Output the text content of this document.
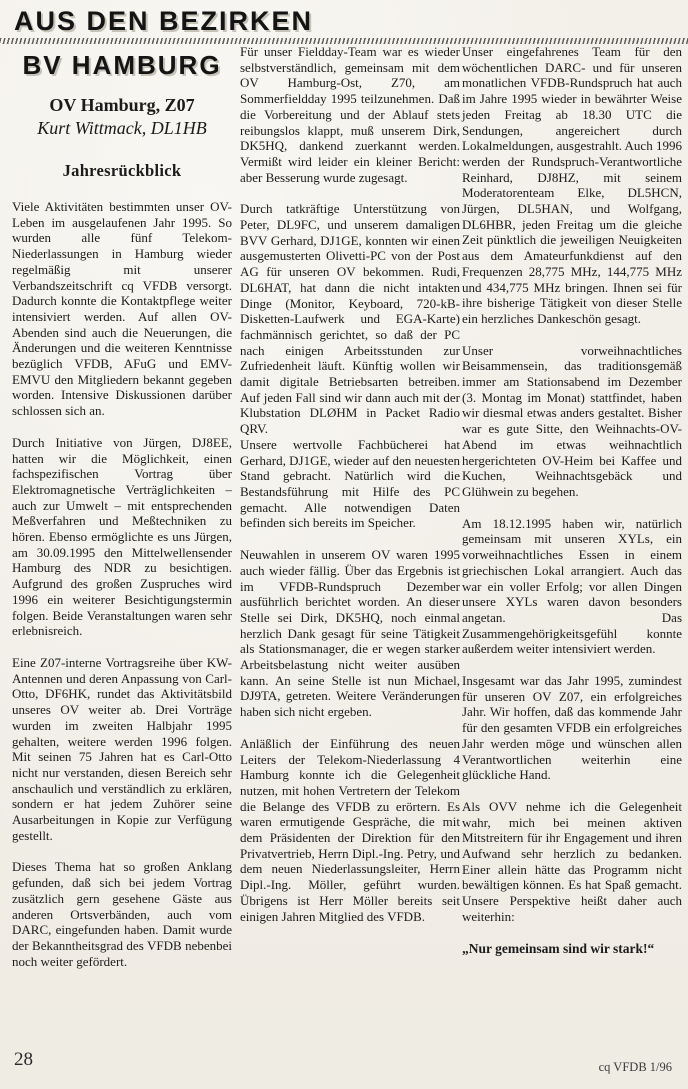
AUS DEN BEZIRKEN
BV HAMBURG
OV Hamburg, Z07

Kurt Wittmack, DL1HB

Jahresrückblick

Viele Aktivitäten bestimmten unser OV-Leben im ausgelaufenen Jahr 1995. So wurden alle fünf Telekom-Niederlassungen in Hamburg wieder regelmäßig mit unserer Verbandszeitschrift cq VFDB versorgt. Dadurch konnte die Kontaktpflege weiter intensiviert werden. Auf allen OV-Abenden sind auch die Neuerungen, die Änderungen und die weiteren Kenntnisse bezüglich VFDB, AFuG und EMV-EMVU den Mitgliedern bekannt gegeben worden. Intensive Diskussionen darüber schlossen sich an.

Durch Initiative von Jürgen, DJ8EE, hatten wir die Möglichkeit, einen fachspezifischen Vortrag über Elektromagnetische Verträglichkeiten – auch zur Umwelt – mit entsprechenden Meßverfahren und Meßtechniken zu hören. Ebenso ermöglichte es uns Jürgen, am 30.09.1995 den Mittelwellensender Hamburg des NDR zu besichtigen. Aufgrund des großen Zuspruches wird 1996 ein weiterer Besichtigungstermin folgen. Beide Veranstaltungen waren sehr erlebnisreich.

Eine Z07-interne Vortragsreihe über KW-Antennen und deren Anpassung von Carl-Otto, DF6HK, rundet das Aktivitätsbild unseres OV weiter ab. Drei Vorträge wurden im zweiten Halbjahr 1995 gehalten, weitere werden 1996 folgen. Mit seinen 75 Jahren hat es Carl-Otto nicht nur verstanden, diesen Bereich sehr anschaulich und verständlich zu erklären, sondern er hat jedem Zuhörer seine Ausarbeitungen in Kopie zur Verfügung gestellt.

Dieses Thema hat so großen Anklang gefunden, daß sich bei jedem Vortrag zusätzlich gern gesehene Gäste aus anderen Ortsverbänden, auch vom DARC, eingefunden haben. Damit wurde der Bekanntheitsgrad des VFDB nebenbei noch weiter gefördert.

Für unser Fieldday-Team war es wieder selbstverständlich, gemeinsam mit dem OV Hamburg-Ost, Z70, am Sommerfieldday 1995 teilzunehmen. Daß die Vorbereitung und der Ablauf stets reibungslos klappt, muß unserem Dirk, DK5HQ, dankend zuerkannt werden. Vermißt wird leider ein kleiner Bericht: aber Besserung wurde zugesagt.

Durch tatkräftige Unterstützung von Peter, DL9FC, und unserem damaligen BVV Gerhard, DJ1GE, konnten wir einen ausgemusterten Olivetti-PC von der Post AG für unseren OV bekommen. Rudi, DL6HAT, hat dann die nicht intakten Dinge (Monitor, Keyboard, 720-kB-Disketten-Laufwerk und EGA-Karte) fachmännisch gerichtet, so daß der PC nach einigen Arbeitsstunden zur Zufriedenheit läuft. Künftig wollen wir damit digitale Betriebsarten betreiben. Auf jeden Fall sind wir dann auch mit der Klubstation DLØHM in Packet Radio QRV.

Unsere wertvolle Fachbücherei hat Gerhard, DJ1GE, wieder auf den neuesten Stand gebracht. Natürlich wird die Bestandsführung mit Hilfe des PC gemacht. Alle notwendigen Daten befinden sich bereits im Speicher.

Neuwahlen in unserem OV waren 1995 auch wieder fällig. Über das Ergebnis ist im VFDB-Rundspruch Dezember ausführlich berichtet worden. An dieser Stelle sei Dirk, DK5HQ, noch einmal herzlich Dank gesagt für seine Tätigkeit als Stationsmanager, die er wegen starker Arbeitsbelastung nicht weiter ausüben kann. An seine Stelle ist nun Michael, DJ9TA, getreten. Weitere Veränderungen haben sich nicht ergeben.

Anläßlich der Einführung des neuen Leiters der Telekom-Niederlassung 4 Hamburg konnte ich die Gelegenheit nutzen, mit hohen Vertretern der Telekom die Belange des VFDB zu erörtern. Es waren ermutigende Gespräche, die mit dem Präsidenten der Direktion für den Privatvertrieb, Herrn Dipl.-Ing. Petry, und dem neuen Niederlassungsleiter, Herrn Dipl.-Ing. Möller, geführt wurden. Übrigens ist Herr Möller bereits seit einigen Jahren Mitglied des VFDB.

Unser eingefahrenes Team für den wöchentlichen DARC- und für unseren monatlichen VFDB-Rundspruch hat auch im Jahre 1995 wieder in bewährter Weise jeden Freitag ab 18.30 UTC die Sendungen, angereichert durch Lokalmeldungen, ausgestrahlt. Auch 1996 werden der Rundspruch-Verantwortliche Reinhard, DJ8HZ, mit seinem Moderatorenteam Elke, DL5HCN, Jürgen, DL5HAN, und Wolfgang, DL6HBR, jeden Freitag um die gleiche Zeit pünktlich die jeweiligen Neuigkeiten aus dem Amateurfunkdienst auf den Frequenzen 28,775 MHz, 144,775 MHz und 434,775 MHz bringen. Ihnen sei für ihre bisherige Tätigkeit von dieser Stelle ein herzliches Dankeschön gesagt.

Unser vorweihnachtliches Beisammensein, das traditionsgemäß immer am Stationsabend im Dezember (3. Montag im Monat) stattfindet, haben wir diesmal etwas anders gestaltet. Bisher war es gute Sitte, den Weihnachts-OV-Abend im etwas weihnachtlich hergerichteten OV-Heim bei Kaffee und Kuchen, Weihnachtsgebäck und Glühwein zu begehen.

Am 18.12.1995 haben wir, natürlich gemeinsam mit unseren XYLs, ein vorweihnachtliches Essen in einem griechischen Lokal arrangiert. Auch das war ein voller Erfolg; vor allen Dingen unsere XYLs waren davon besonders angetan. Das Zusammengehörigkeitsgefühl konnte außerdem weiter intensiviert werden.

Insgesamt war das Jahr 1995, zumindest für unseren OV Z07, ein erfolgreiches Jahr. Wir hoffen, daß das kommende Jahr für den gesamten VFDB ein erfolgreiches Jahr werden möge und wünschen allen Verantwortlichen weiterhin eine glückliche Hand.

Als OVV nehme ich die Gelegenheit wahr, mich bei meinen aktiven Mitstreitern für ihr Engagement und ihren Aufwand sehr herzlich zu bedanken. Einer allein hätte das Programm nicht bewältigen können. Es hat Spaß gemacht. Unsere Perspektive heißt daher auch weiterhin:

„Nur gemeinsam sind wir stark!“

28	cq VFDB 1/96
